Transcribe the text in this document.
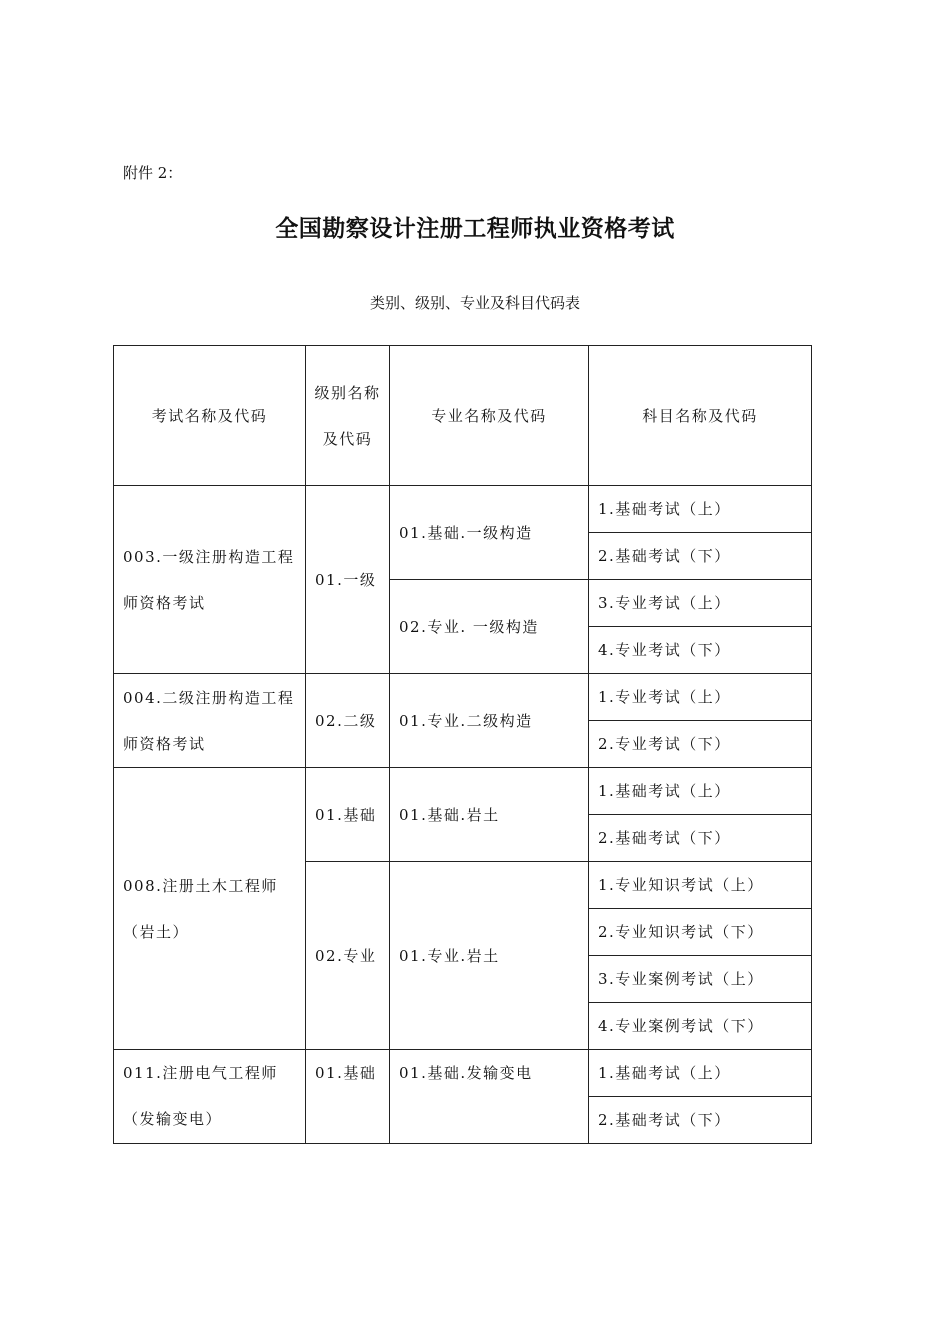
附件 2：
全国勘察设计注册工程师执业资格考试
类别、级别、专业及科目代码表
考试名称及代码	级别名称及代码	专业名称及代码	科目名称及代码
003.一级注册构造工程师资格考试	01.一级	01.基础.一级构造	1.基础考试（上）
			2.基础考试（下）
		02.专业. 一级构造	3.专业考试（上）
			4.专业考试（下）
004.二级注册构造工程师资格考试	02.二级	01.专业.二级构造	1.专业考试（上）
			2.专业考试（下）
008.注册土木工程师（岩土）	01.基础	01.基础.岩土	1.基础考试（上）
			2.基础考试（下）
	02.专业	01.专业.岩土	1.专业知识考试（上）
			2.专业知识考试（下）
			3.专业案例考试（上）
			4.专业案例考试（下）
011.注册电气工程师（发输变电）	01.基础	01.基础.发输变电	1.基础考试（上）
			2.基础考试（下）
